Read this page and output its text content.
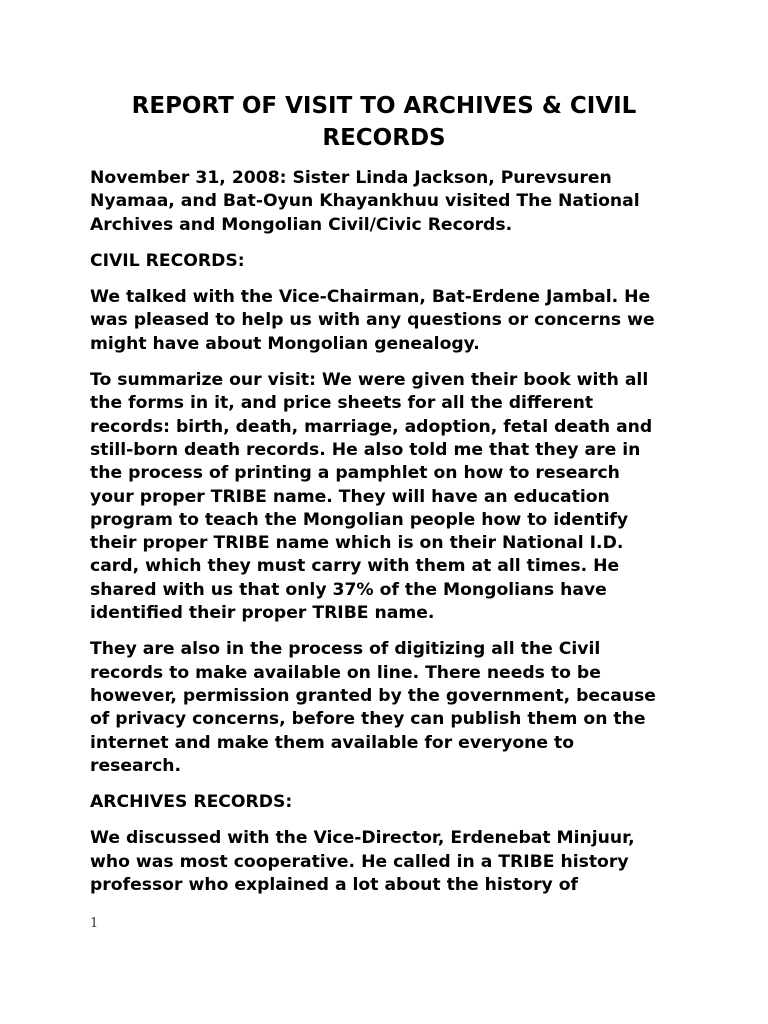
REPORT OF VISIT TO ARCHIVES & CIVIL
RECORDS

November 31, 2008: Sister Linda Jackson, Purevsuren
Nyamaa, and Bat-Oyun Khayankhuu visited The National
Archives and Mongolian Civil/Civic Records.

CIVIL RECORDS:

We talked with the Vice-Chairman, Bat-Erdene Jambal. He
was pleased to help us with any questions or concerns we
might have about Mongolian genealogy.

To summarize our visit: We were given their book with all
the forms in it, and price sheets for all the different
records: birth, death, marriage, adoption, fetal death and
still-born death records. He also told me that they are in
the process of printing a pamphlet on how to research
your proper TRIBE name. They will have an education
program to teach the Mongolian people how to identify
their proper TRIBE name which is on their National I.D.
card, which they must carry with them at all times. He
shared with us that only 37% of the Mongolians have
identified their proper TRIBE name.

They are also in the process of digitizing all the Civil
records to make available on line. There needs to be
however, permission granted by the government, because
of privacy concerns, before they can publish them on the
internet and make them available for everyone to
research.

ARCHIVES RECORDS:

We discussed with the Vice-Director, Erdenebat Minjuur,
who was most cooperative. He called in a TRIBE history
professor who explained a lot about the history of

1
